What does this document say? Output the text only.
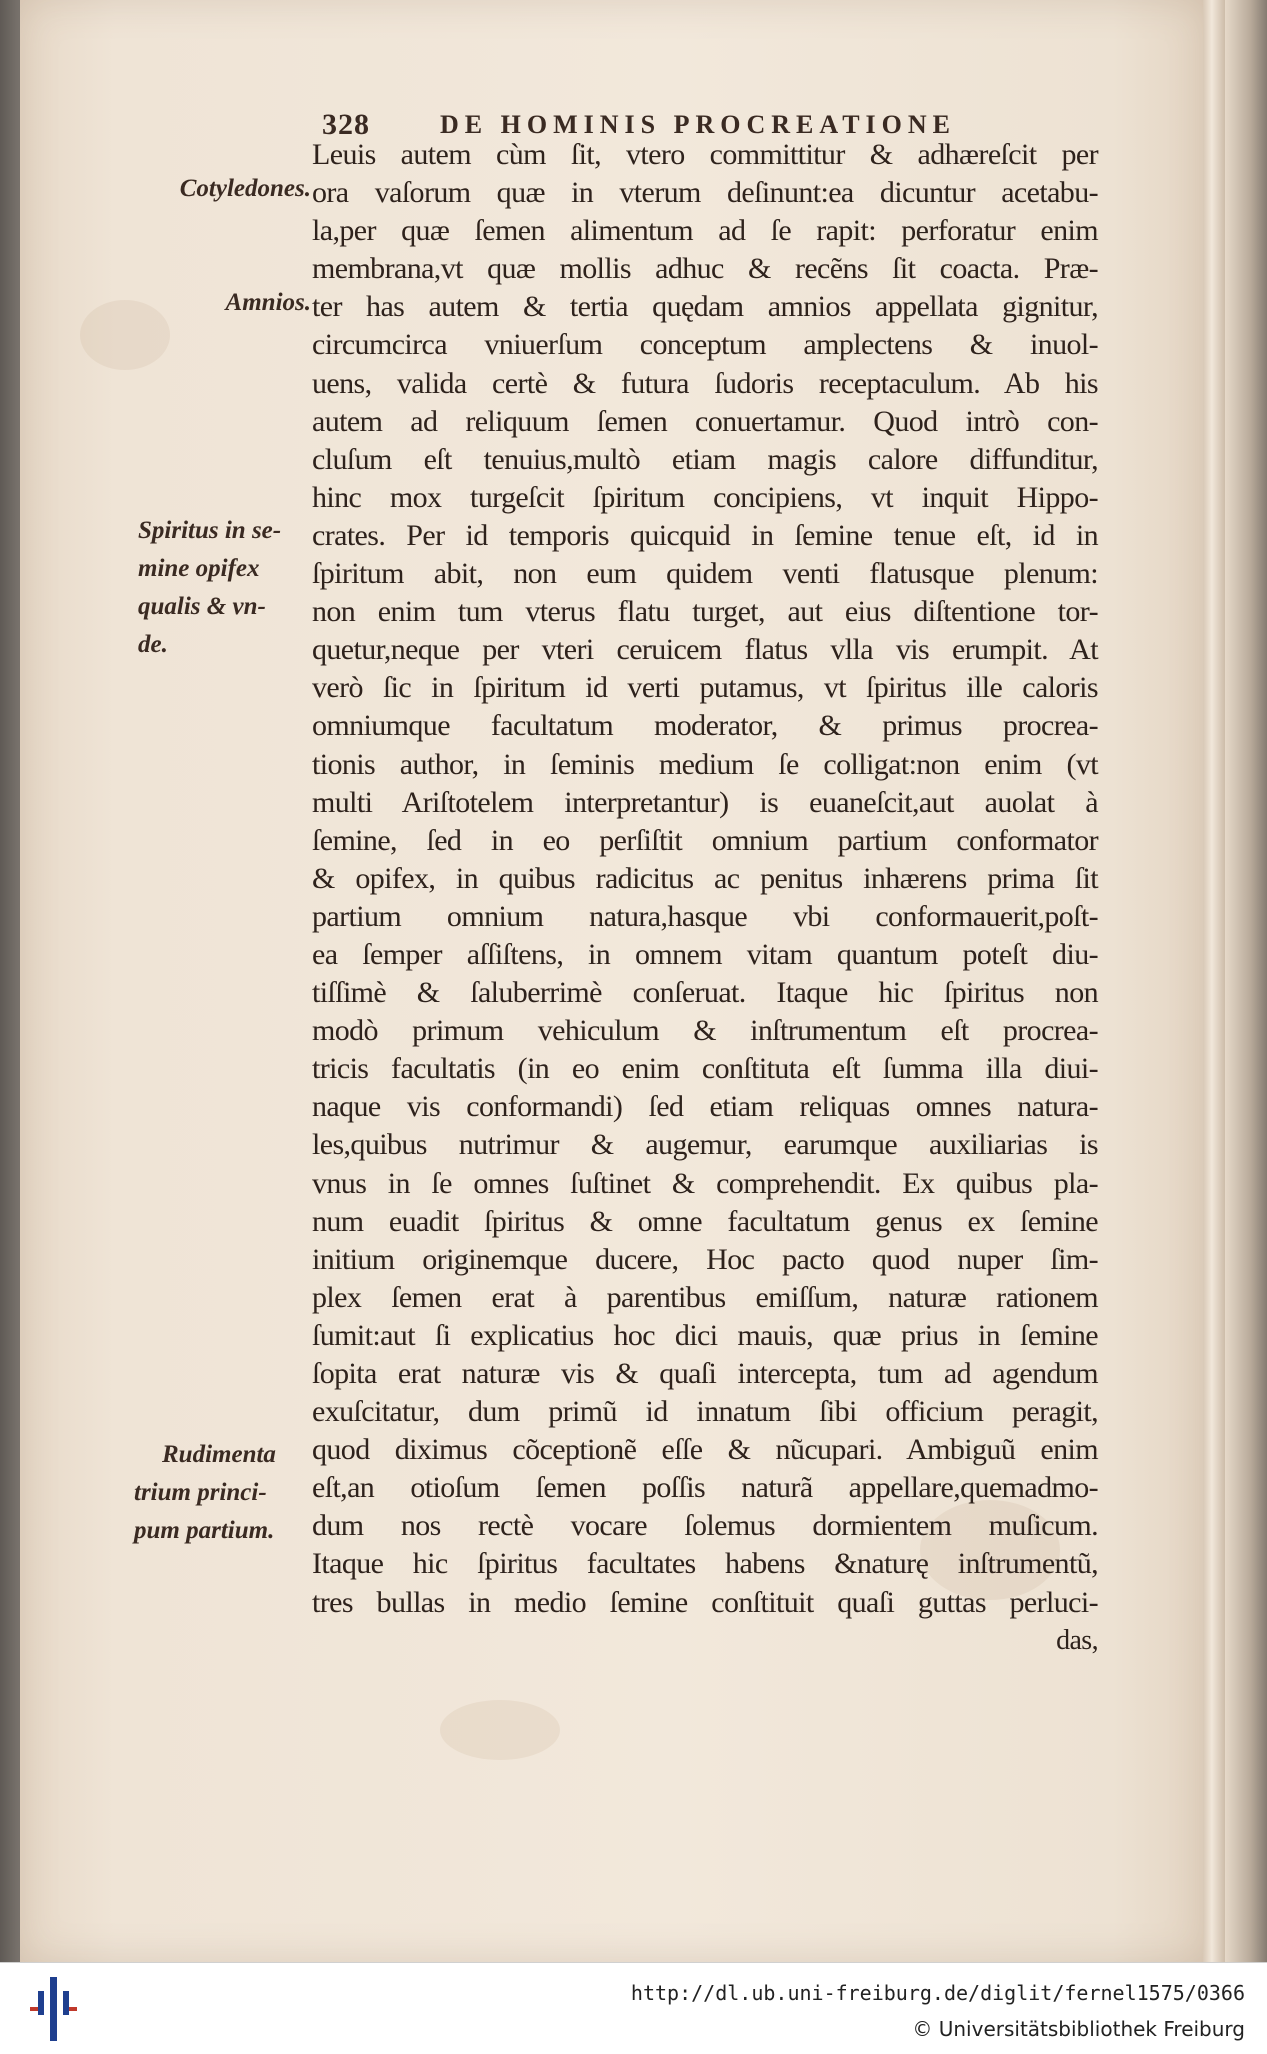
328	DE HOMINIS PROCREATIONE
Cotyledones.
Amnios.
Spiritus in se-
mine opifex
qualis & vn-
de.
Rudimenta
trium princi-
pum partium.
Leuis autem cùm ſit, vtero committitur & adhæreſcit per
ora vaſorum quæ in vterum deſinunt:ea dicuntur acetabu-
la,per quæ ſemen alimentum ad ſe rapit: perforatur enim
membrana,vt quæ mollis adhuc & recẽns ſit coacta. Præ-
ter has autem & tertia quędam amnios appellata gignitur,
circumcirca vniuerſum conceptum amplectens & inuol-
uens, valida certè & futura ſudoris receptaculum. Ab his
autem ad reliquum ſemen conuertamur. Quod intrò con-
cluſum eſt tenuius,multò etiam magis calore diffunditur,
hinc mox turgeſcit ſpiritum concipiens, vt inquit Hippo-
crates. Per id temporis quicquid in ſemine tenue eſt, id in
ſpiritum abit, non eum quidem venti flatusque plenum:
non enim tum vterus flatu turget, aut eius diſtentione tor-
quetur,neque per vteri ceruicem flatus vlla vis erumpit. At
verò ſic in ſpiritum id verti putamus, vt ſpiritus ille caloris
omniumque facultatum moderator, & primus procrea-
tionis author, in ſeminis medium ſe colligat:non enim (vt
multi Ariſtotelem interpretantur) is euaneſcit,aut auolat à
ſemine, ſed in eo perſiſtit omnium partium conformator
& opifex, in quibus radicitus ac penitus inhærens prima ſit
partium omnium natura,hasque vbi conformauerit,poſt-
ea ſemper aſſiſtens, in omnem vitam quantum poteſt diu-
tiſſimè & ſaluberrimè conſeruat. Itaque hic ſpiritus non
modò primum vehiculum & inſtrumentum eſt procrea-
tricis facultatis (in eo enim conſtituta eſt ſumma illa diui-
naque vis conformandi) ſed etiam reliquas omnes natura-
les,quibus nutrimur & augemur, earumque auxiliarias is
vnus in ſe omnes ſuſtinet & comprehendit. Ex quibus pla-
num euadit ſpiritus & omne facultatum genus ex ſemine
initium originemque ducere, Hoc pacto quod nuper ſim-
plex ſemen erat à parentibus emiſſum, naturæ rationem
ſumit:aut ſi explicatius hoc dici mauis, quæ prius in ſemine
ſopita erat naturæ vis & quaſi intercepta, tum ad agendum
exuſcitatur, dum primũ id innatum ſibi officium peragit,
quod diximus cõceptionẽ eſſe & nũcupari. Ambiguũ enim
eſt,an otioſum ſemen poſſis naturã appellare,quemadmo-
dum nos rectè vocare ſolemus dormientem muſicum.
Itaque hic ſpiritus facultates habens &naturę inſtrumentũ,
tres bullas in medio ſemine conſtituit quaſi guttas perluci-
das,
http://dl.ub.uni-freiburg.de/diglit/fernel1575/0366
© Universitätsbibliothek Freiburg
